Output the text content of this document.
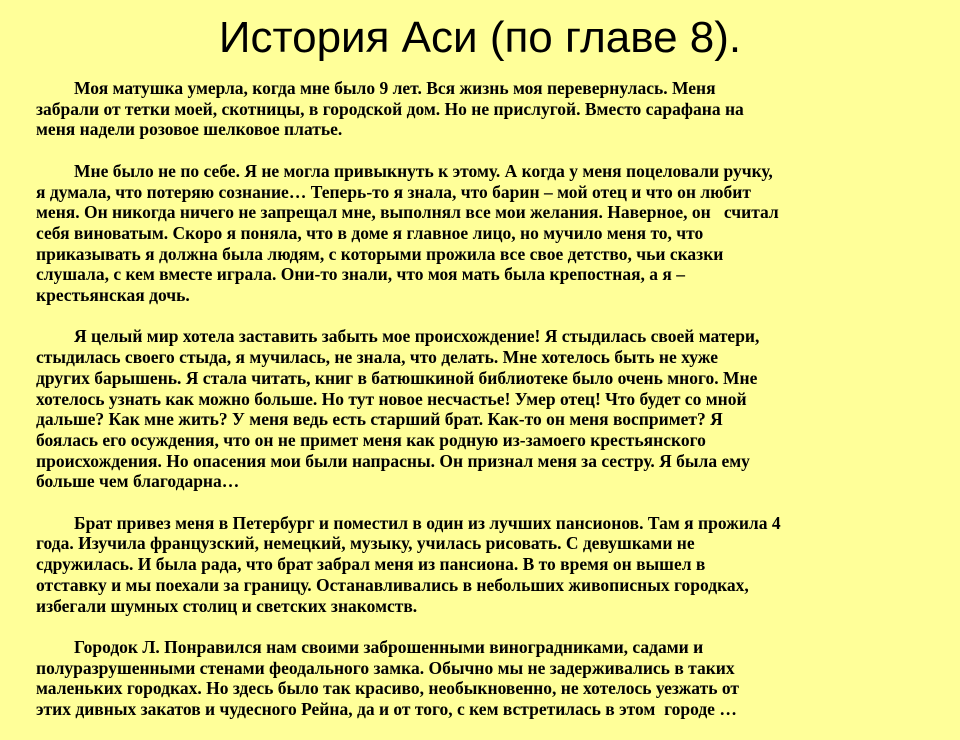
История Аси (по главе 8).
Моя матушка умерла, когда мне было 9 лет. Вся жизнь моя перевернулась. Меня
забрали от тетки моей, скотницы, в городской дом. Но не прислугой. Вместо сарафана на
меня надели розовое шелковое платье.
Мне было не по себе. Я не могла привыкнуть к этому. А когда у меня поцеловали ручку,
я думала, что потеряю сознание… Теперь-то я знала, что барин – мой отец и что он любит
меня. Он никогда ничего не запрещал мне, выполнял все мои желания. Наверное, он   считал
себя виноватым. Скоро я поняла, что в доме я главное лицо, но мучило меня то, что
приказывать я должна была людям, с которыми прожила все свое детство, чьи сказки
слушала, с кем вместе играла. Они-то знали, что моя мать была крепостная, а я –
крестьянская дочь.
Я целый мир хотела заставить забыть мое происхождение! Я стыдилась своей матери,
стыдилась своего стыда, я мучилась, не знала, что делать. Мне хотелось быть не хуже
других барышень. Я стала читать, книг в батюшкиной библиотеке было очень много. Мне
хотелось узнать как можно больше. Но тут новое несчастье! Умер отец! Что будет со мной
дальше? Как мне жить? У меня ведь есть старший брат. Как-то он меня воспримет? Я
боялась его осуждения, что он не примет меня как родную из-замоего крестьянского
происхождения. Но опасения мои были напрасны. Он признал меня за сестру. Я была ему
больше чем благодарна…
Брат привез меня в Петербург и поместил в один из лучших пансионов. Там я прожила 4
года. Изучила французский, немецкий, музыку, училась рисовать. С девушками не
сдружилась. И была рада, что брат забрал меня из пансиона. В то время он вышел в
отставку и мы поехали за границу. Останавливались в небольших живописных городках,
избегали шумных столиц и светских знакомств.
Городок Л. Понравился нам своими заброшенными виноградниками, садами и
полуразрушенными стенами феодального замка. Обычно мы не задерживались в таких
маленьких городках. Но здесь было так красиво, необыкновенно, не хотелось уезжать от
этих дивных закатов и чудесного Рейна, да и от того, с кем встретилась в этом  городе …
